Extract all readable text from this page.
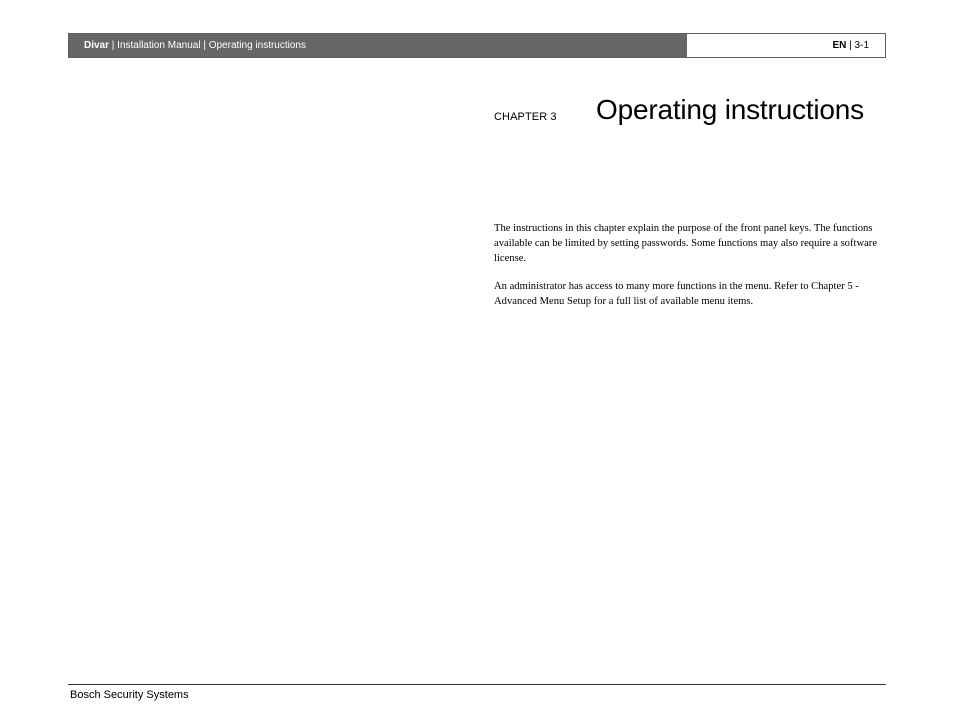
Divar | Installation Manual | Operating instructions	EN | 3-1
CHAPTER 3 Operating instructions
The instructions in this chapter explain the purpose of the front panel keys. The functions available can be limited by setting passwords. Some functions may also require a software license.
An administrator has access to many more functions in the menu. Refer to Chapter 5 - Advanced Menu Setup for a full list of available menu items.
Bosch Security Systems
